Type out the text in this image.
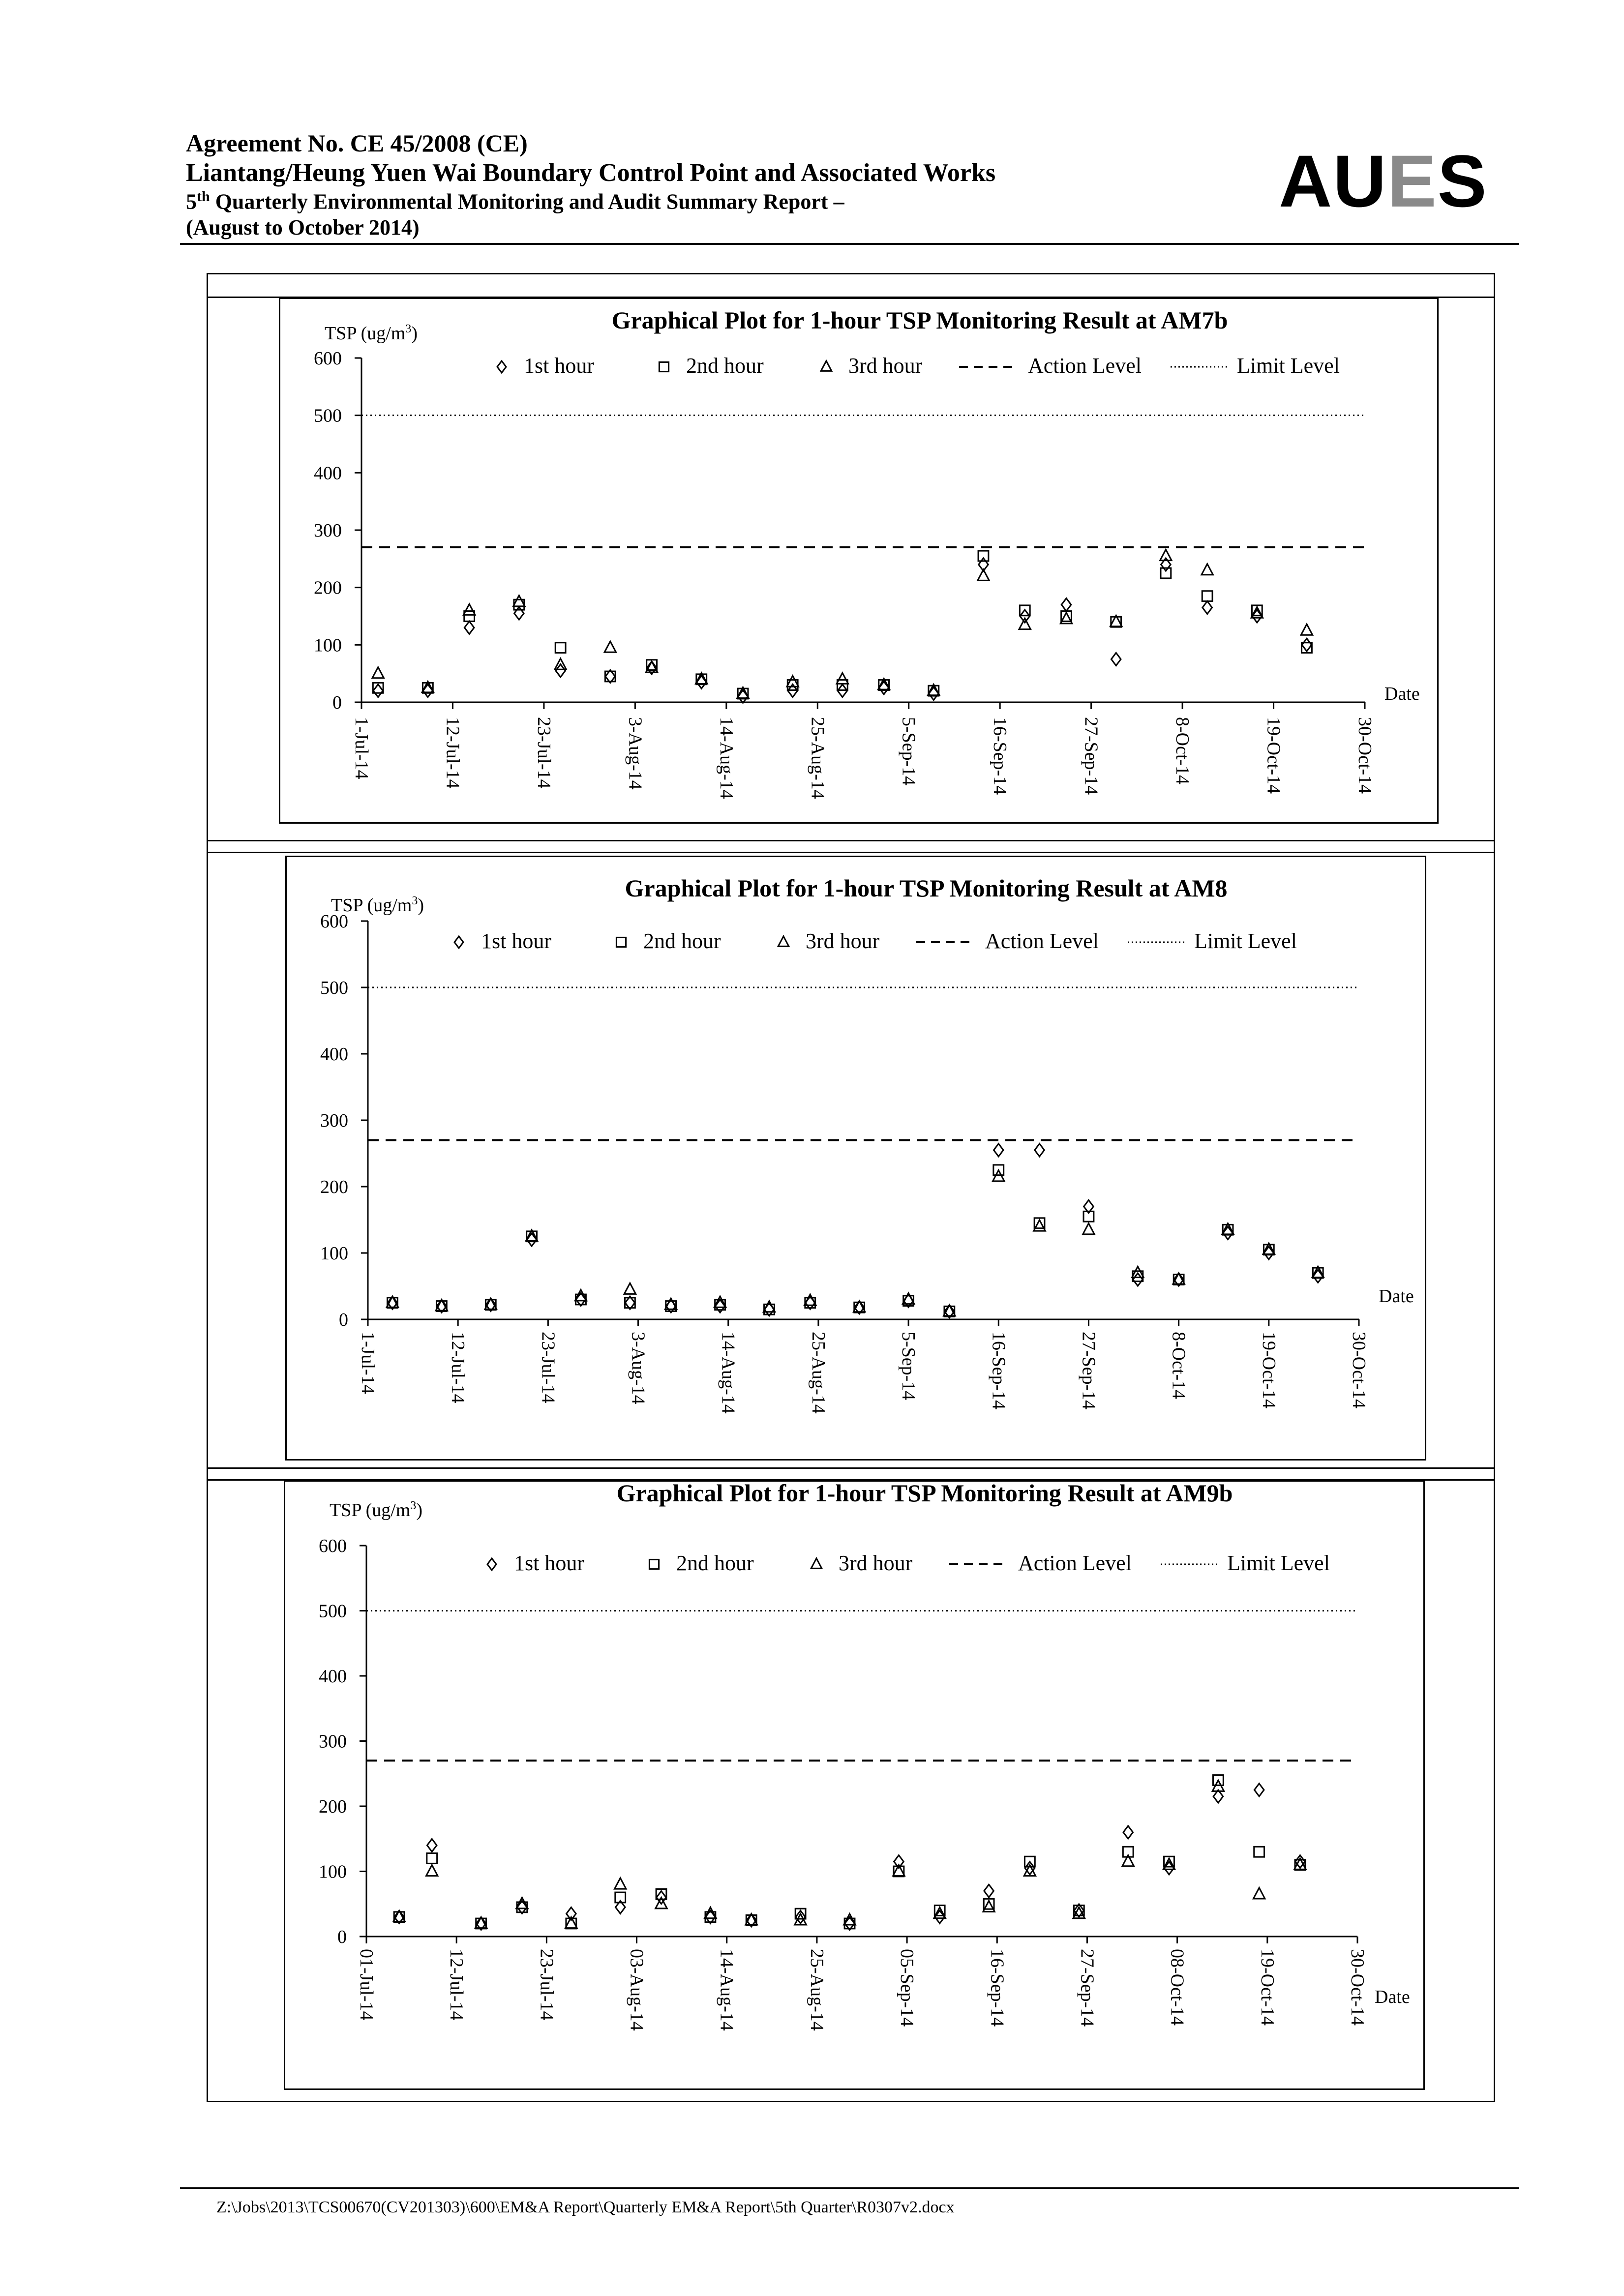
Agreement No. CE 45/2008 (CE)
Liantang/Heung Yuen Wai Boundary Control Point and Associated Works
5th Quarterly Environmental Monitoring and Audit Summary Report –
(August to October 2014)
AUES
Graphical Plot for 1-hour TSP Monitoring Result at AM7b
TSP $(ug/m^3)$
0
100
200
300
400
500
600
1-Jul-14	12-Jul-14	23-Jul-14	3-Aug-14	14-Aug-14	25-Aug-14	5-Sep-14	16-Sep-14	27-Sep-14	8-Oct-14	19-Oct-14	30-Oct-14
Date
1st hour	2nd hour	3rd hour	Action Level	Limit Level
Graphical Plot for 1-hour TSP Monitoring Result at AM8
TSP $(ug/m^3)$
0
100
200
300
400
500
600
1-Jul-14	12-Jul-14	23-Jul-14	3-Aug-14	14-Aug-14	25-Aug-14	5-Sep-14	16-Sep-14	27-Sep-14	8-Oct-14	19-Oct-14	30-Oct-14
Date
1st hour	2nd hour	3rd hour	Action Level	Limit Level
Graphical Plot for 1-hour TSP Monitoring Result at AM9b
TSP $(ug/m^3)$
0
100
200
300
400
500
600
01-Jul-14	12-Jul-14	23-Jul-14	03-Aug-14	14-Aug-14	25-Aug-14	05-Sep-14	16-Sep-14	27-Sep-14	08-Oct-14	19-Oct-14	30-Oct-14 Date
1st hour	2nd hour	3rd hour	Action Level	Limit Level
Z:\Jobs\2013\TCS00670(CV201303)\600\EM&A Report\Quarterly EM&A Report\5th Quarter\R0307v2.docx
